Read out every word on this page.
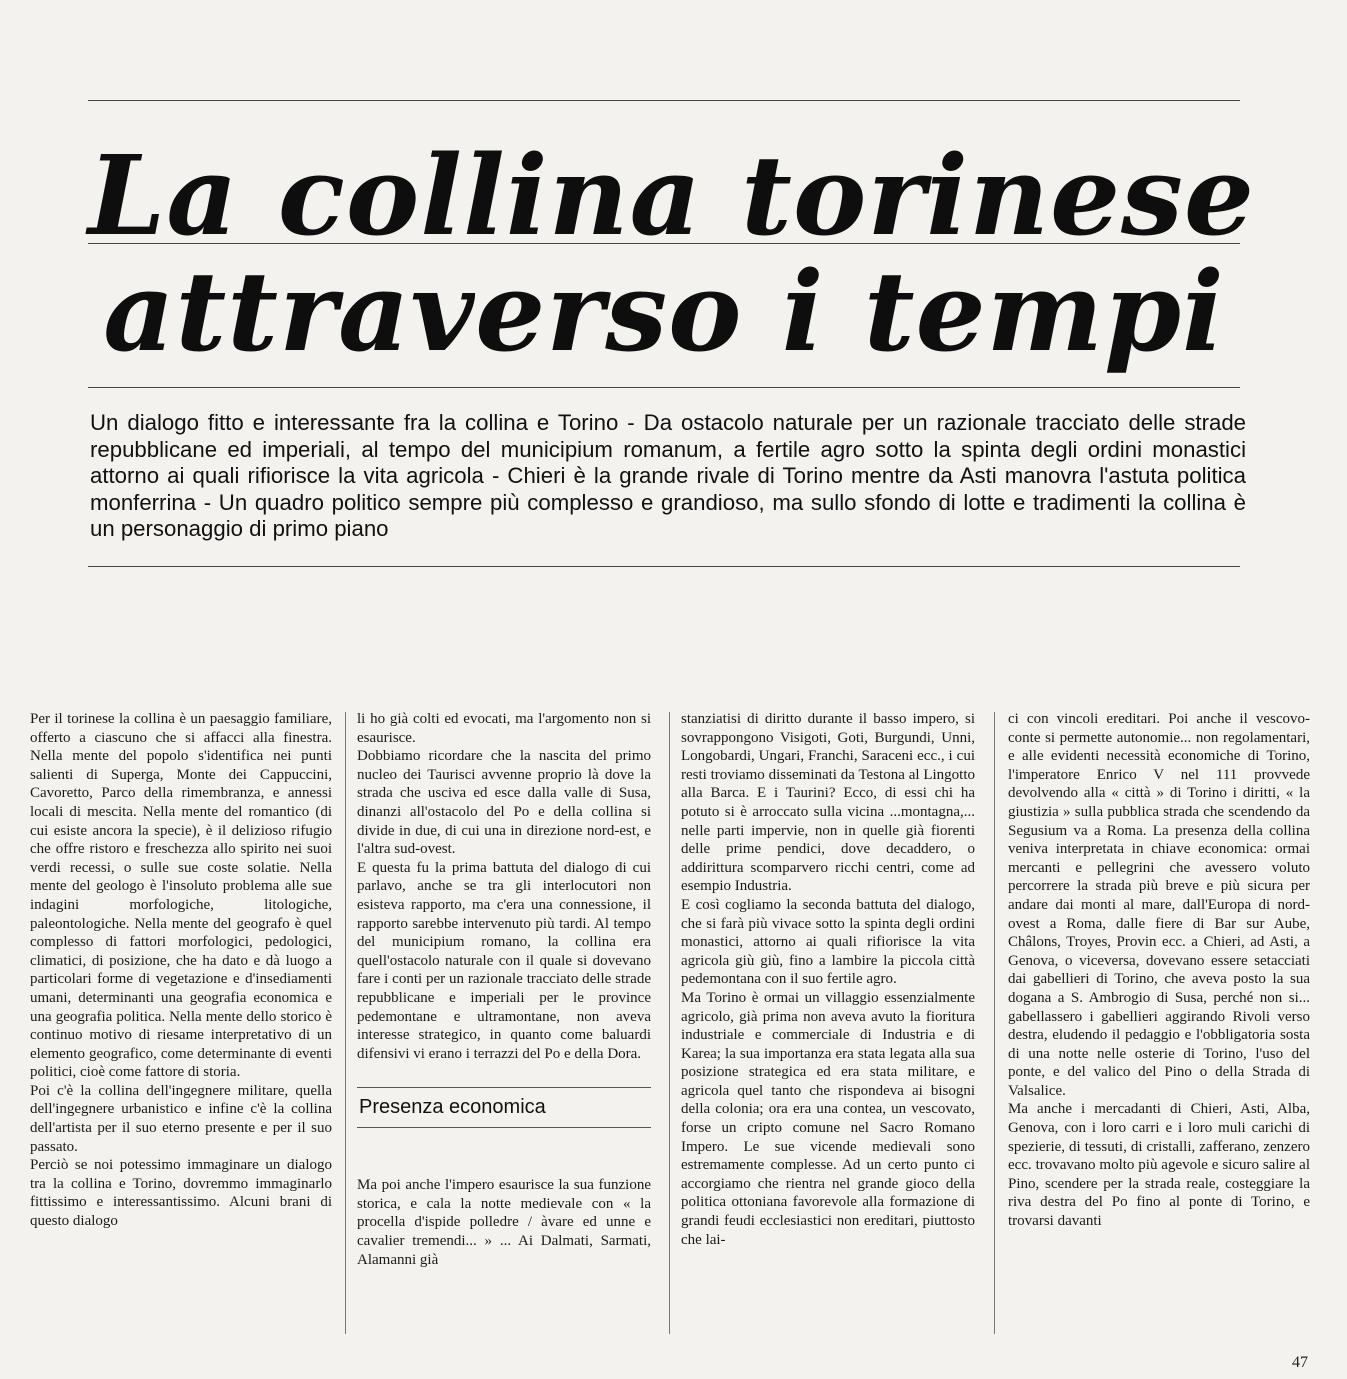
La collina torinese
attraverso i tempi

Un dialogo fitto e interessante fra la collina e Torino - Da ostacolo naturale per un razionale tracciato delle strade repubblicane ed imperiali, al tempo del municipium romanum, a fertile agro sotto la spinta degli ordini monastici attorno ai quali rifiorisce la vita agricola - Chieri è la grande rivale di Torino mentre da Asti manovra l'astuta politica monferrina - Un quadro politico sempre più complesso e grandioso, ma sullo sfondo di lotte e tradimenti la collina è un personaggio di primo piano

Per il torinese la collina è un paesaggio familiare, offerto a ciascuno che si affacci alla finestra. Nella mente del popolo s'identifica nei punti salienti di Superga, Monte dei Cappuccini, Cavoretto, Parco della rimembranza, e annessi locali di mescita. Nella mente del romantico (di cui esiste ancora la specie), è il delizioso rifugio che offre ristoro e freschezza allo spirito nei suoi verdi recessi, o sulle sue coste solatie. Nella mente del geologo è l'insoluto problema alle sue indagini morfologiche, litologiche, paleontologiche. Nella mente del geografo è quel complesso di fattori morfologici, pedologici, climatici, di posizione, che ha dato e dà luogo a particolari forme di vegetazione e d'insediamenti umani, determinanti una geografia economica e una geografia politica. Nella mente dello storico è continuo motivo di riesame interpretativo di un elemento geografico, come determinante di eventi politici, cioè come fattore di storia.

Poi c'è la collina dell'ingegnere militare, quella dell'ingegnere urbanistico e infine c'è la collina dell'artista per il suo eterno presente e per il suo passato.

Perciò se noi potessimo immaginare un dialogo tra la collina e Torino, dovremmo immaginarlo fittissimo e interessantissimo. Alcuni brani di questo dialogo

li ho già colti ed evocati, ma l'argomento non si esaurisce.

Dobbiamo ricordare che la nascita del primo nucleo dei Taurisci avvenne proprio là dove la strada che usciva ed esce dalla valle di Susa, dinanzi all'ostacolo del Po e della collina si divide in due, di cui una in direzione nord-est, e l'altra sud-ovest.

E questa fu la prima battuta del dialogo di cui parlavo, anche se tra gli interlocutori non esisteva rapporto, ma c'era una connessione, il rapporto sarebbe intervenuto più tardi. Al tempo del municipium romano, la collina era quell'ostacolo naturale con il quale si dovevano fare i conti per un razionale tracciato delle strade repubblicane e imperiali per le province pedemontane e ultramontane, non aveva interesse strategico, in quanto come baluardi difensivi vi erano i terrazzi del Po e della Dora.

Presenza economica

Ma poi anche l'impero esaurisce la sua funzione storica, e cala la notte medievale con « la procella d'ispide polledre / àvare ed unne e cavalier tremendi... » ... Ai Dalmati, Sarmati, Alamanni già

stanziatisi di diritto durante il basso impero, si sovrappongono Visigoti, Goti, Burgundi, Unni, Longobardi, Ungari, Franchi, Saraceni ecc., i cui resti troviamo disseminati da Testona al Lingotto alla Barca. E i Taurini? Ecco, di essi chi ha potuto si è arroccato sulla vicina ...montagna,... nelle parti impervie, non in quelle già fiorenti delle prime pendici, dove decaddero, o addirittura scomparvero ricchi centri, come ad esempio Industria.

E così cogliamo la seconda battuta del dialogo, che si farà più vivace sotto la spinta degli ordini monastici, attorno ai quali rifiorisce la vita agricola giù giù, fino a lambire la piccola città pedemontana con il suo fertile agro.

Ma Torino è ormai un villaggio essenzialmente agricolo, già prima non aveva avuto la fioritura industriale e commerciale di Industria e di Karea; la sua importanza era stata legata alla sua posizione strategica ed era stata militare, e agricola quel tanto che rispondeva ai bisogni della colonia; ora era una contea, un vescovato, forse un cripto comune nel Sacro Romano Impero. Le sue vicende medievali sono estremamente complesse. Ad un certo punto ci accorgiamo che rientra nel grande gioco della politica ottoniana favorevole alla formazione di grandi feudi ecclesiastici non ereditari, piuttosto che lai-

ci con vincoli ereditari. Poi anche il vescovo-conte si permette autonomie... non regolamentari, e alle evidenti necessità economiche di Torino, l'imperatore Enrico V nel 111 provvede devolvendo alla « città » di Torino i diritti, « la giustizia » sulla pubblica strada che scendendo da Segusium va a Roma. La presenza della collina veniva interpretata in chiave economica: ormai mercanti e pellegrini che avessero voluto percorrere la strada più breve e più sicura per andare dai monti al mare, dall'Europa di nord-ovest a Roma, dalle fiere di Bar sur Aube, Châlons, Troyes, Provin ecc. a Chieri, ad Asti, a Genova, o viceversa, dovevano essere setacciati dai gabellieri di Torino, che aveva posto la sua dogana a S. Ambrogio di Susa, perché non si... gabellassero i gabellieri aggirando Rivoli verso destra, eludendo il pedaggio e l'obbligatoria sosta di una notte nelle osterie di Torino, l'uso del ponte, e del valico del Pino o della Strada di Valsalice.

Ma anche i mercadanti di Chieri, Asti, Alba, Genova, con i loro carri e i loro muli carichi di spezierie, di tessuti, di cristalli, zafferano, zenzero ecc. trovavano molto più agevole e sicuro salire al Pino, scendere per la strada reale, costeggiare la riva destra del Po fino al ponte di Torino, e trovarsi davanti

47
